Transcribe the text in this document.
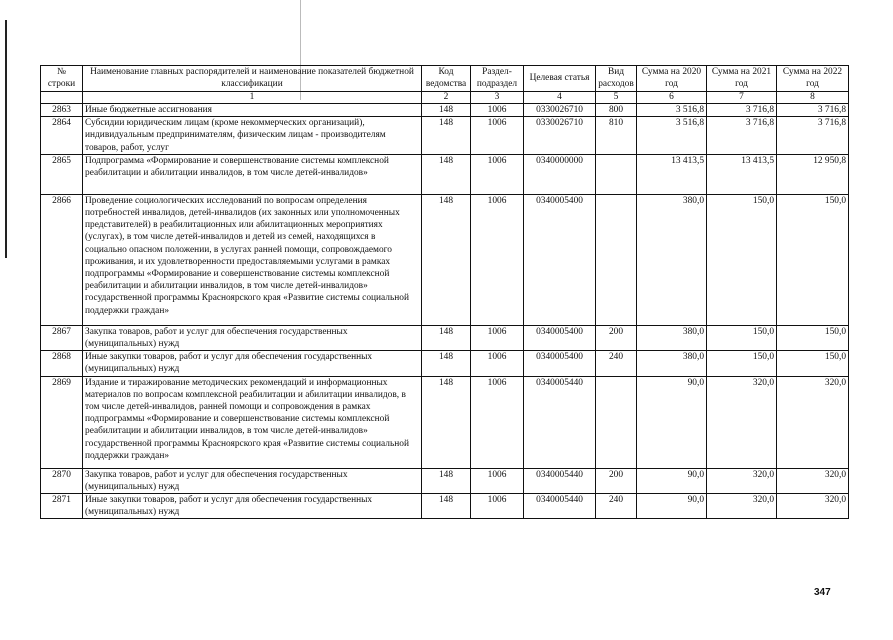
№ строки	Наименование главных распорядителей и наименование показателей бюджетной классификации	Код ведомства	Раздел-подраздел	Целевая статья	Вид расходов	Сумма на 2020 год	Сумма на 2021 год	Сумма на 2022 год
	1	2	3	4	5	6	7	8
2863	Иные бюджетные ассигнования	148	1006	0330026710	800	3 516,8	3 716,8	3 716,8
2864	Субсидии юридическим лицам (кроме некоммерческих организаций), индивидуальным предпринимателям, физическим лицам - производителям товаров, работ, услуг	148	1006	0330026710	810	3 516,8	3 716,8	3 716,8
2865	Подпрограмма «Формирование и совершенствование системы комплексной реабилитации и абилитации инвалидов, в том числе детей-инвалидов»	148	1006	0340000000		13 413,5	13 413,5	12 950,8
2866	Проведение социологических исследований по вопросам определения потребностей инвалидов, детей-инвалидов (их законных или уполномоченных представителей) в реабилитационных или абилитационных мероприятиях (услугах), в том числе детей-инвалидов и детей из семей, находящихся в социально опасном положении, в услугах ранней помощи, сопровождаемого проживания, и их удовлетворенности предоставляемыми услугами в рамках подпрограммы «Формирование и совершенствование системы комплексной реабилитации и абилитации инвалидов, в том числе детей-инвалидов» государственной программы Красноярского края «Развитие системы социальной поддержки граждан»	148	1006	0340005400		380,0	150,0	150,0
2867	Закупка товаров, работ и услуг для обеспечения государственных (муниципальных) нужд	148	1006	0340005400	200	380,0	150,0	150,0
2868	Иные закупки товаров, работ и услуг для обеспечения государственных (муниципальных) нужд	148	1006	0340005400	240	380,0	150,0	150,0
2869	Издание и тиражирование методических рекомендаций и информационных материалов по вопросам комплексной реабилитации и абилитации инвалидов, в том числе детей-инвалидов, ранней помощи и сопровождения в рамках подпрограммы «Формирование и совершенствование системы комплексной реабилитации и абилитации инвалидов, в том числе детей-инвалидов» государственной программы Красноярского края «Развитие системы социальной поддержки граждан»	148	1006	0340005440		90,0	320,0	320,0
2870	Закупка товаров, работ и услуг для обеспечения государственных (муниципальных) нужд	148	1006	0340005440	200	90,0	320,0	320,0
2871	Иные закупки товаров, работ и услуг для обеспечения государственных (муниципальных) нужд	148	1006	0340005440	240	90,0	320,0	320,0
347
